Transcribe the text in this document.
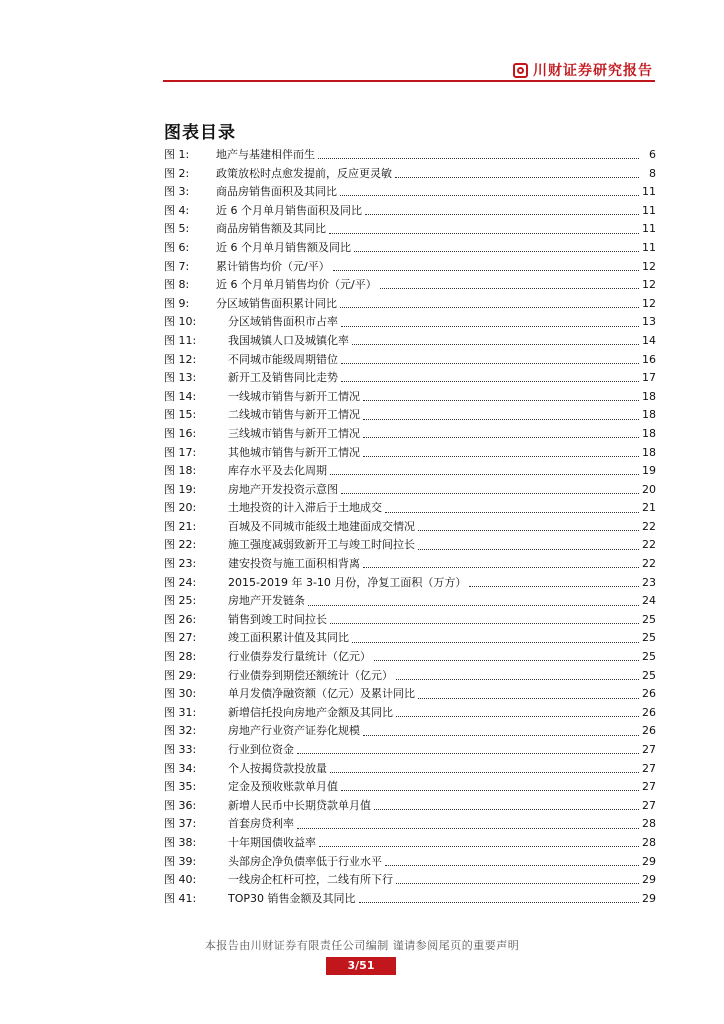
川财证券研究报告
图表目录
图 1:	地产与基建相伴而生	6
图 2:	政策放松时点愈发提前，反应更灵敏	8
图 3:	商品房销售面积及其同比	11
图 4:	近 6 个月单月销售面积及同比	11
图 5:	商品房销售额及其同比	11
图 6:	近 6 个月单月销售额及同比	11
图 7:	累计销售均价（元/平）	12
图 8:	近 6 个月单月销售均价（元/平）	12
图 9:	分区域销售面积累计同比	12
图 10:	分区域销售面积市占率	13
图 11:	我国城镇人口及城镇化率	14
图 12:	不同城市能级周期错位	16
图 13:	新开工及销售同比走势	17
图 14:	一线城市销售与新开工情况	18
图 15:	二线城市销售与新开工情况	18
图 16:	三线城市销售与新开工情况	18
图 17:	其他城市销售与新开工情况	18
图 18:	库存水平及去化周期	19
图 19:	房地产开发投资示意图	20
图 20:	土地投资的计入滞后于土地成交	21
图 21:	百城及不同城市能级土地建面成交情况	22
图 22:	施工强度减弱致新开工与竣工时间拉长	22
图 23:	建安投资与施工面积相背离	22
图 24:	2015-2019 年 3-10 月份，净复工面积（万方）	23
图 25:	房地产开发链条	24
图 26:	销售到竣工时间拉长	25
图 27:	竣工面积累计值及其同比	25
图 28:	行业债券发行量统计（亿元）	25
图 29:	行业债券到期偿还额统计（亿元）	25
图 30:	单月发债净融资额（亿元）及累计同比	26
图 31:	新增信托投向房地产金额及其同比	26
图 32:	房地产行业资产证券化规模	26
图 33:	行业到位资金	27
图 34:	个人按揭贷款投放量	27
图 35:	定金及预收账款单月值	27
图 36:	新增人民币中长期贷款单月值	27
图 37:	首套房贷利率	28
图 38:	十年期国债收益率	28
图 39:	头部房企净负债率低于行业水平	29
图 40:	一线房企杠杆可控，二线有所下行	29
图 41:	TOP30 销售金额及其同比	29
本报告由川财证券有限责任公司编制 谨请参阅尾页的重要声明
3/51
